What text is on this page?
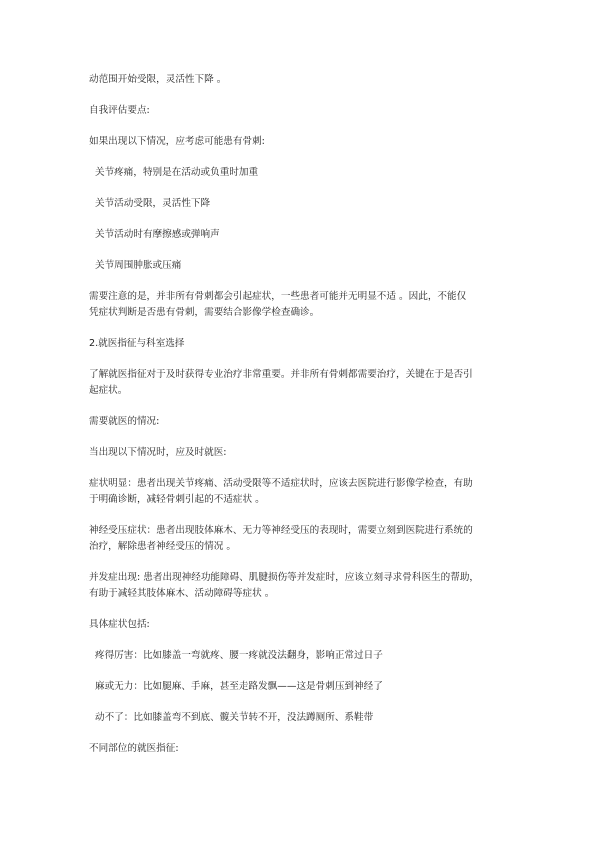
动范围开始受限，灵活性下降 。
自我评估要点:
如果出现以下情况，应考虑可能患有骨刺:
关节疼痛，特别是在活动或负重时加重
关节活动受限，灵活性下降
关节活动时有摩擦感或弹响声
关节周围肿胀或压痛
需要注意的是，并非所有骨刺都会引起症状，一些患者可能并无明显不适 。因此，不能仅
凭症状判断是否患有骨刺，需要结合影像学检查确诊。
2.就医指征与科室选择
了解就医指征对于及时获得专业治疗非常重要。并非所有骨刺都需要治疗，关键在于是否引
起症状。
需要就医的情况:
当出现以下情况时，应及时就医:
症状明显：患者出现关节疼痛、活动受限等不适症状时，应该去医院进行影像学检查，有助
于明确诊断，减轻骨刺引起的不适症状 。
神经受压症状：患者出现肢体麻木、无力等神经受压的表现时，需要立刻到医院进行系统的
治疗，解除患者神经受压的情况 。
并发症出现: 患者出现神经功能障碍、肌腱损伤等并发症时，应该立刻寻求骨科医生的帮助，
有助于减轻其肢体麻木、活动障碍等症状 。
具体症状包括:
疼得厉害：比如膝盖一弯就疼、腰一疼就没法翻身，影响正常过日子
麻或无力：比如腿麻、手麻，甚至走路发飘——这是骨刺压到神经了
动不了：比如膝盖弯不到底、髋关节转不开，没法蹲厕所、系鞋带
不同部位的就医指征:
